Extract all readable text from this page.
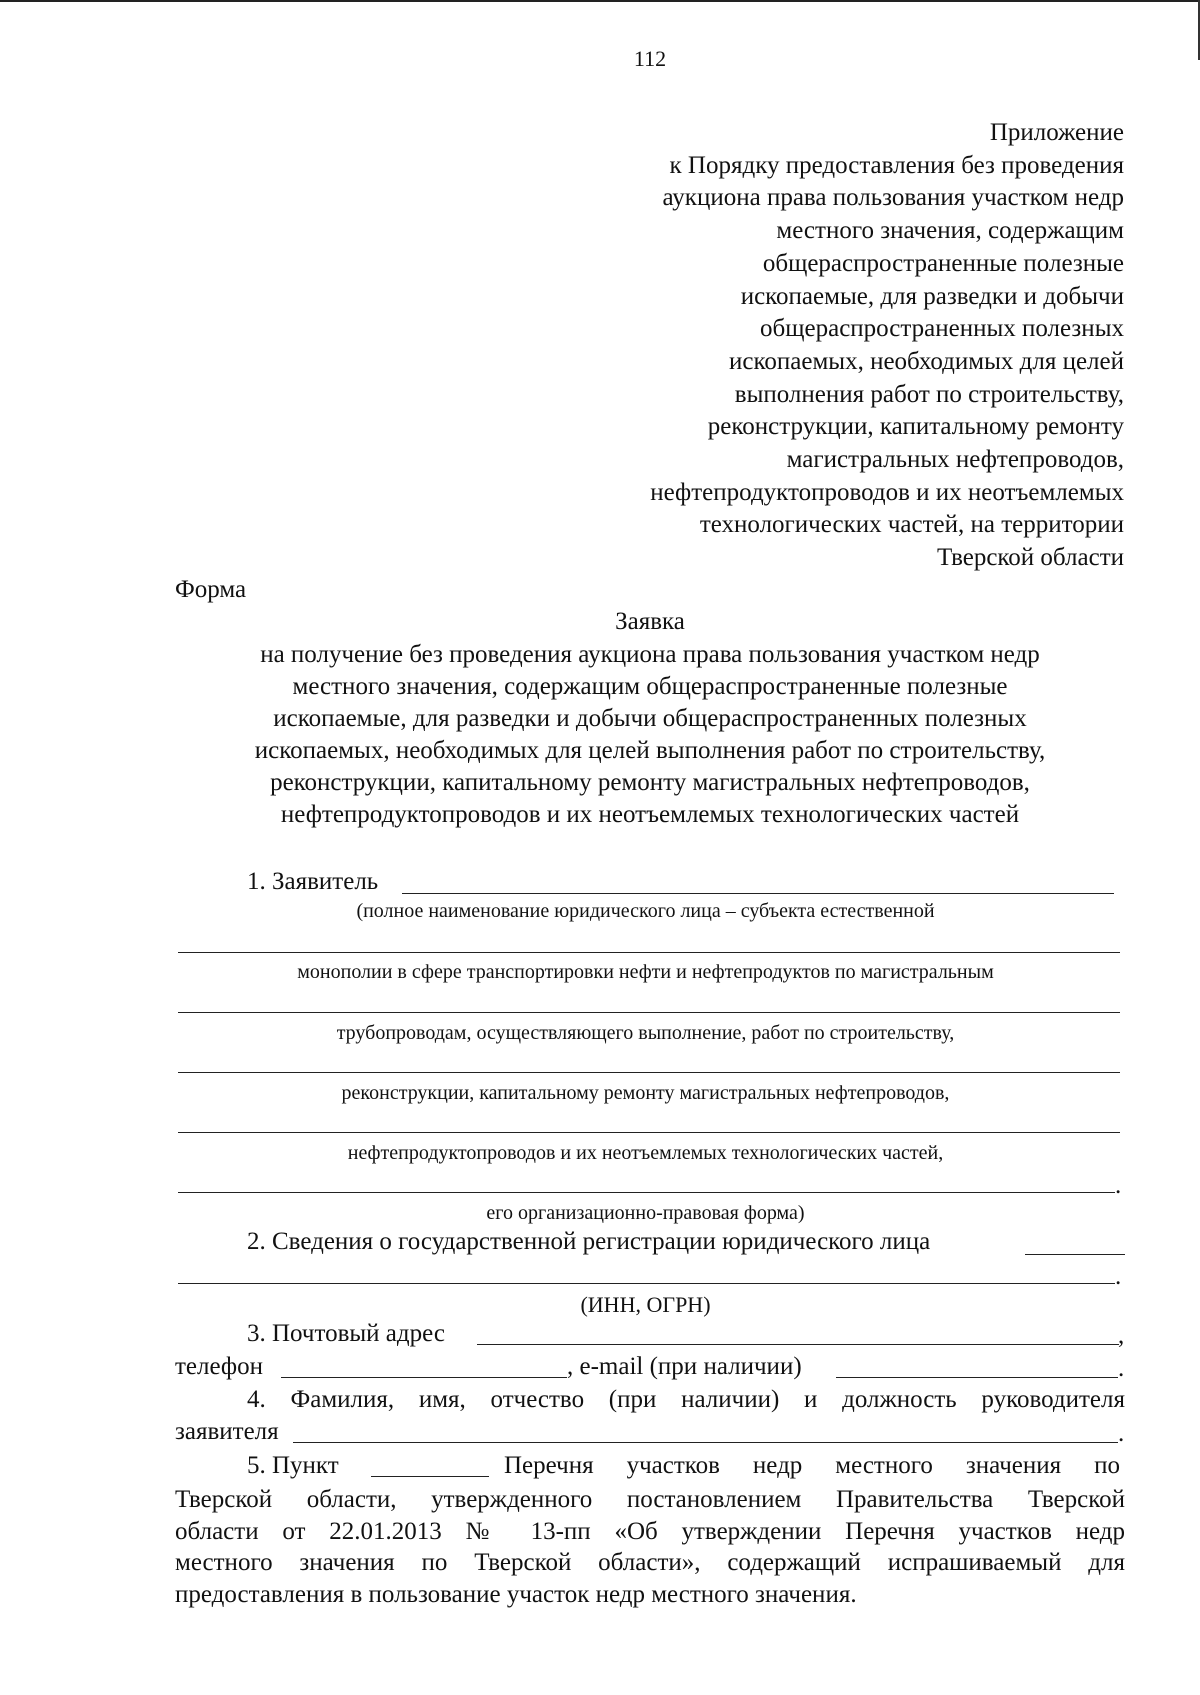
112
Приложение
к Порядку предоставления без проведения
аукциона права пользования участком недр
местного значения, содержащим
общераспространенные полезные
ископаемые, для разведки и добычи
общераспространенных полезных
ископаемых, необходимых для целей
выполнения работ по строительству,
реконструкции, капитальному ремонту
магистральных нефтепроводов,
нефтепродуктопроводов и их неотъемлемых
технологических частей, на территории
Тверской области
Форма
Заявка
на получение без проведения аукциона права пользования участком недр
местного значения, содержащим общераспространенные полезные
ископаемые, для разведки и добычи общераспространенных полезных
ископаемых, необходимых для целей выполнения работ по строительству,
реконструкции, капитальному ремонту магистральных нефтепроводов,
нефтепродуктопроводов и их неотъемлемых технологических частей
1. Заявитель
(полное наименование юридического лица – субъекта естественной
монополии в сфере транспортировки нефти и нефтепродуктов по магистральным
трубопроводам, осуществляющего выполнение, работ по строительству,
реконструкции, капитальному ремонту магистральных нефтепроводов,
нефтепродуктопроводов и их неотъемлемых технологических частей,
.
его организационно-правовая форма)
2. Сведения о государственной регистрации юридического лица
.
(ИНН, ОГРН)
3. Почтовый адрес	,
телефон	, e-mail (при наличии)	.
4. Фамилия, имя, отчество (при наличии) и должность руководителя
заявителя	.
5. Пункт	Перечня участков недр местного значения по
Тверской области, утвержденного постановлением Правительства Тверской
области от 22.01.2013 № 13-пп «Об утверждении Перечня участков недр
местного значения по Тверской области», содержащий испрашиваемый для
предоставления в пользование участок недр местного значения.
